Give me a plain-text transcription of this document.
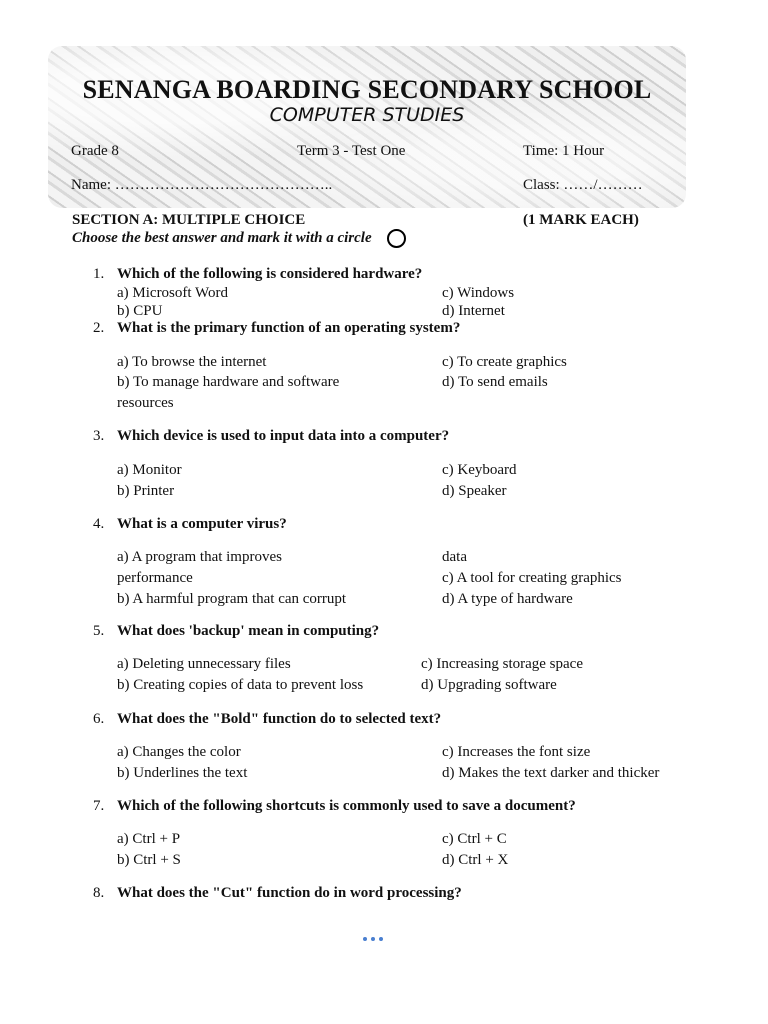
SENANGA BOARDING SECONDARY SCHOOL
COMPUTER STUDIES
Grade 8	Term 3 - Test One	Time: 1 Hour
Name: ……………………………………..	Class: ……/………
SECTION A: MULTIPLE CHOICE	(1 MARK EACH)
Choose the best answer and mark it with a circle
1. Which of the following is considered hardware?
a) Microsoft Word
b) CPU
c) Windows
d) Internet
2. What is the primary function of an operating system?
a) To browse the internet
b) To manage hardware and software
resources
c) To create graphics
d) To send emails
3. Which device is used to input data into a computer?
a) Monitor
b) Printer
c) Keyboard
d) Speaker
4. What is a computer virus?
a) A program that improves
performance
b) A harmful program that can corrupt
data
c) A tool for creating graphics
d) A type of hardware
5. What does 'backup' mean in computing?
a) Deleting unnecessary files
b) Creating copies of data to prevent loss
c) Increasing storage space
d) Upgrading software
6. What does the "Bold" function do to selected text?
a) Changes the color
b) Underlines the text
c) Increases the font size
d) Makes the text darker and thicker
7. Which of the following shortcuts is commonly used to save a document?
a) Ctrl + P
b) Ctrl + S
c) Ctrl + C
d) Ctrl + X
8. What does the "Cut" function do in word processing?
